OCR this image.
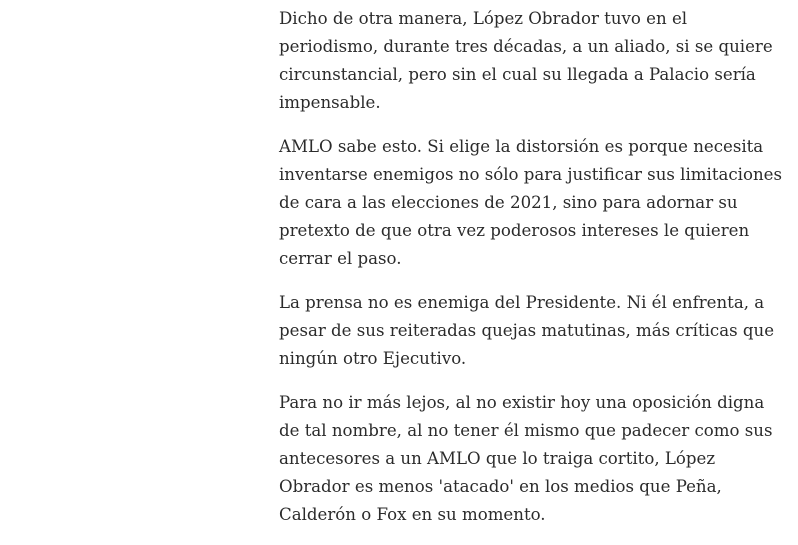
Dicho de otra manera, López Obrador tuvo en el periodismo, durante tres décadas, a un aliado, si se quiere circunstancial, pero sin el cual su llegada a Palacio sería impensable.

AMLO sabe esto. Si elige la distorsión es porque necesita inventarse enemigos no sólo para justificar sus limitaciones de cara a las elecciones de 2021, sino para adornar su pretexto de que otra vez poderosos intereses le quieren cerrar el paso.

La prensa no es enemiga del Presidente. Ni él enfrenta, a pesar de sus reiteradas quejas matutinas, más críticas que ningún otro Ejecutivo.

Para no ir más lejos, al no existir hoy una oposición digna de tal nombre, al no tener él mismo que padecer como sus antecesores a un AMLO que lo traiga cortito, López Obrador es menos 'atacado' en los medios que Peña, Calderón o Fox en su momento.
